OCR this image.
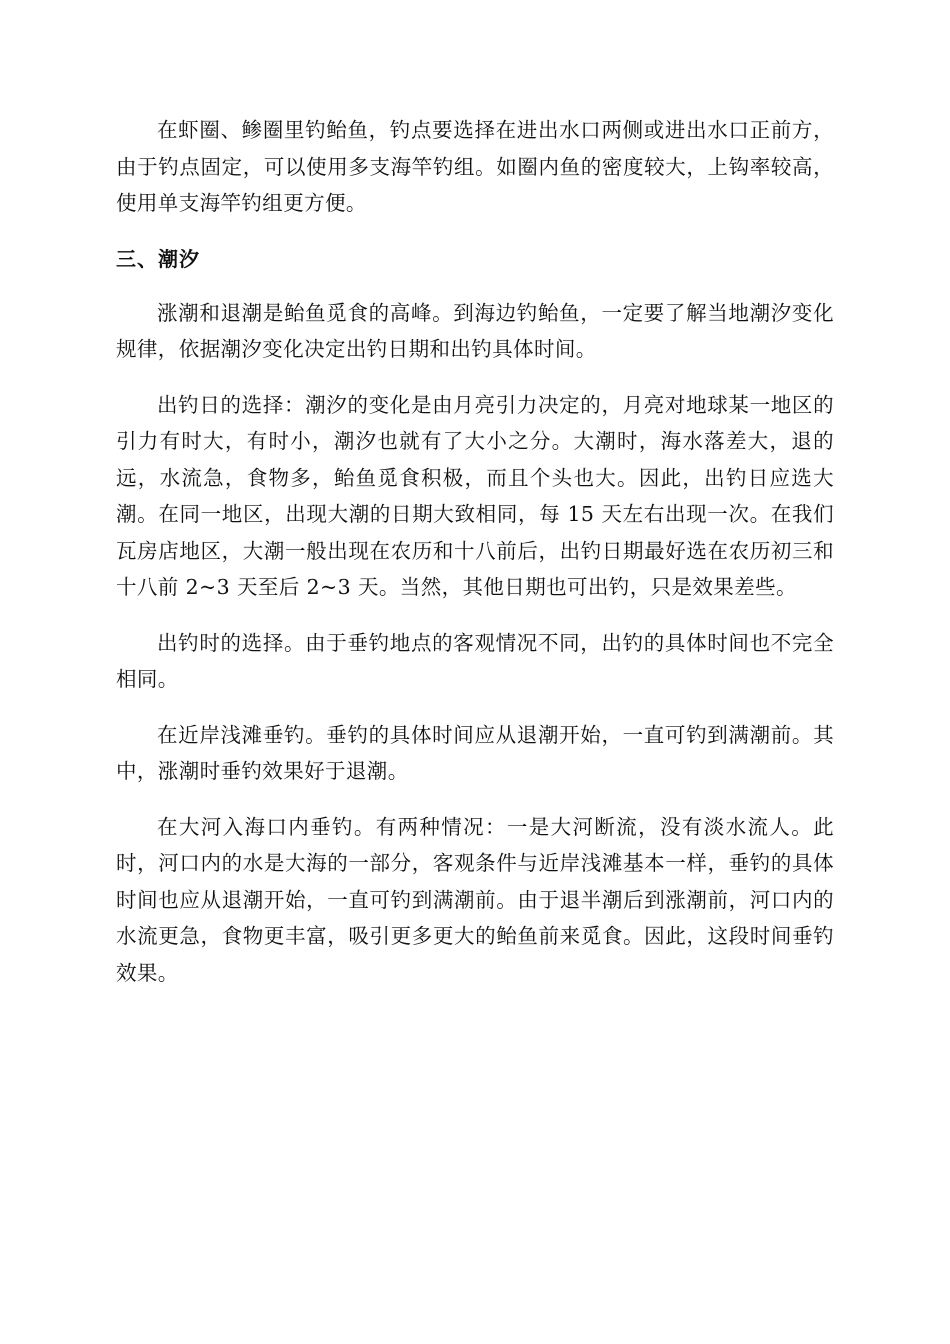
在虾圈、鲹圈里钓鲐鱼，钓点要选择在进出水口两侧或进出水口正前方，由于钓点固定，可以使用多支海竿钓组。如圈内鱼的密度较大，上钩率较高，使用单支海竿钓组更方便。

三、潮汐

涨潮和退潮是鲐鱼觅食的高峰。到海边钓鲐鱼，一定要了解当地潮汐变化规律，依据潮汐变化决定出钓日期和出钓具体时间。

出钓日的选择：潮汐的变化是由月亮引力决定的，月亮对地球某一地区的引力有时大，有时小，潮汐也就有了大小之分。大潮时，海水落差大，退的远，水流急，食物多，鲐鱼觅食积极，而且个头也大。因此，出钓日应选大潮。在同一地区，出现大潮的日期大致相同，每 15 天左右出现一次。在我们瓦房店地区，大潮一般出现在农历和十八前后，出钓日期最好选在农历初三和十八前 2~3 天至后 2~3 天。当然，其他日期也可出钓，只是效果差些。

出钓时的选择。由于垂钓地点的客观情况不同，出钓的具体时间也不完全相同。

在近岸浅滩垂钓。垂钓的具体时间应从退潮开始，一直可钓到满潮前。其中，涨潮时垂钓效果好于退潮。

在大河入海口内垂钓。有两种情况：一是大河断流，没有淡水流人。此时，河口内的水是大海的一部分，客观条件与近岸浅滩基本一样，垂钓的具体时间也应从退潮开始，一直可钓到满潮前。由于退半潮后到涨潮前，河口内的水流更急，食物更丰富，吸引更多更大的鲐鱼前来觅食。因此，这段时间垂钓效果。
